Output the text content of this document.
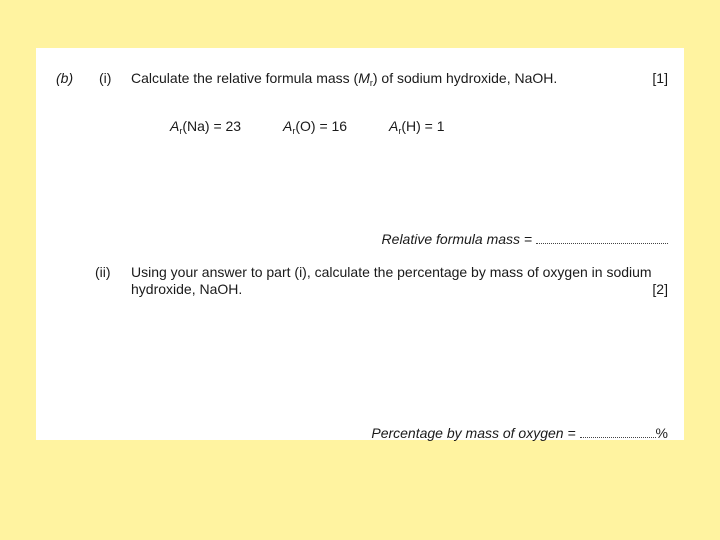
(b) (i) Calculate the relative formula mass $(M_r)$ of sodium hydroxide, NaOH.	[1]
$A_r(Na) = 23$	$A_r(O) = 16$	$A_r(H) = 1$
Relative formula mass =
(ii) Using your answer to part (i), calculate the percentage by mass of oxygen in sodium
hydroxide, NaOH.	[2]
Percentage by mass of oxygen =	%
